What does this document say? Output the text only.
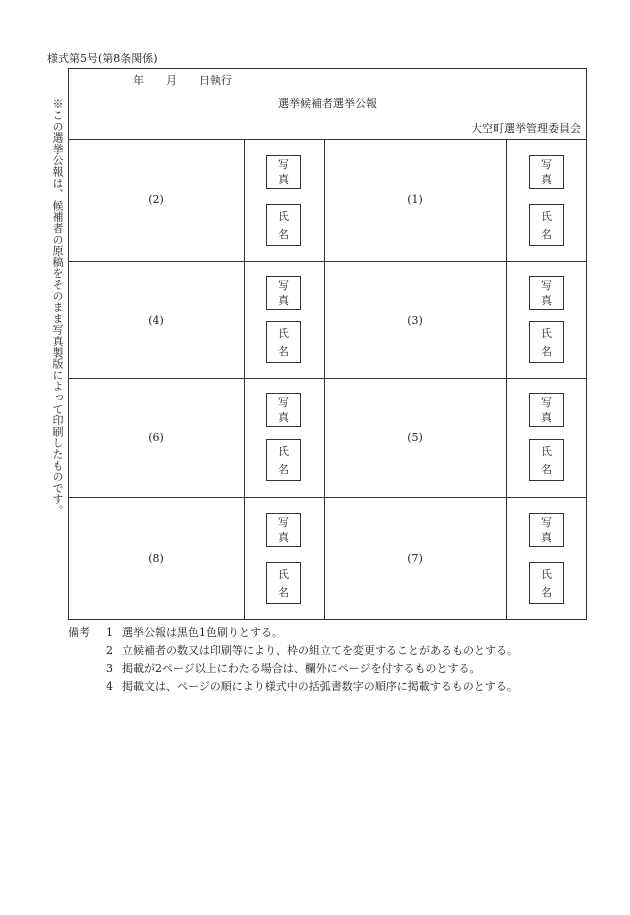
様式第5号(第8条関係)
※この選挙公報は、候補者の原稿をそのまま写真製版によって印刷したものです。
年　　月　　日執行
選挙候補者選挙公報
大空町選挙管理委員会
(2)
写
真
氏
名
(1)
写
真
氏
名
(4)
写
真
氏
名
(3)
写
真
氏
名
(6)
写
真
氏
名
(5)
写
真
氏
名
(8)
写
真
氏
名
(7)
写
真
氏
名
備考	1 選挙公報は黒色1色刷りとする。
2 立候補者の数又は印刷等により、枠の組立てを変更することがあるものとする。
3 掲載が2ページ以上にわたる場合は、欄外にページを付するものとする。
4 掲載文は、ページの順により様式中の括弧書数字の順序に掲載するものとする。
